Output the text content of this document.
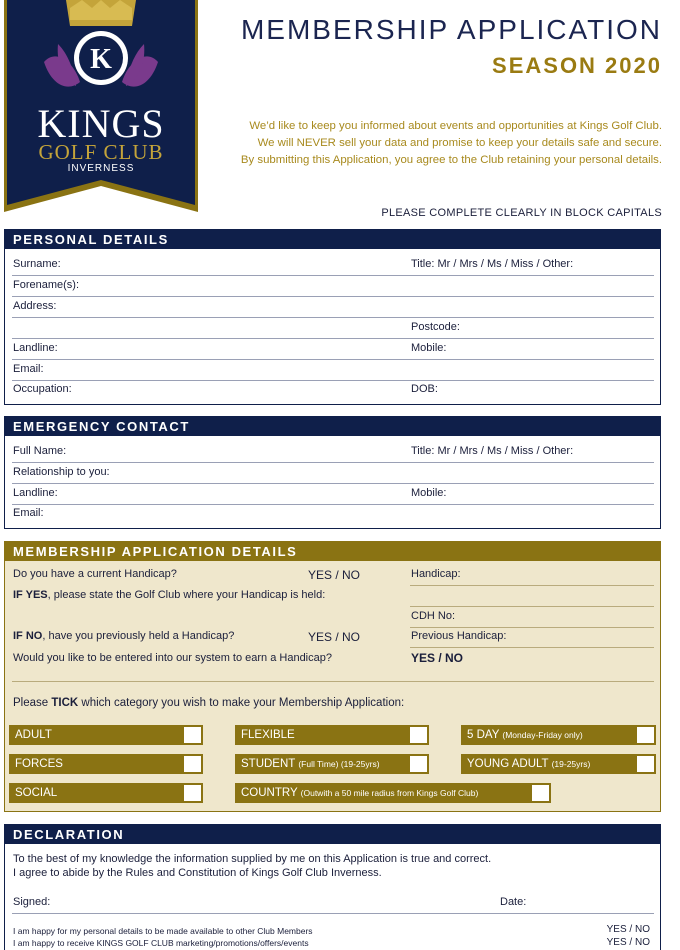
K
KINGS
GOLF CLUB
INVERNESS
MEMBERSHIP APPLICATION
SEASON 2020
We’d like to keep you informed about events and opportunities at Kings Golf Club.
We will NEVER sell your data and promise to keep your details safe and secure.
By submitting this Application, you agree to the Club retaining your personal details.
PLEASE COMPLETE CLEARLY IN BLOCK CAPITALS
PERSONAL DETAILS
Surname:	Title: Mr / Mrs / Ms / Miss / Other:
Forename(s):
Address:
Postcode:
Landline:	Mobile:
Email:
Occupation:	DOB:
EMERGENCY CONTACT
Full Name:	Title: Mr / Mrs / Ms / Miss / Other:
Relationship to you:
Landline:	Mobile:
Email:
MEMBERSHIP APPLICATION DETAILS
Do you have a current Handicap?	YES / NO	Handicap:
IF YES, please state the Golf Club where your Handicap is held:
CDH No:
IF NO, have you previously held a Handicap?	YES / NO	Previous Handicap:
Would you like to be entered into our system to earn a Handicap?	YES / NO
Please TICK which category you wish to make your Membership Application:
ADULT	FLEXIBLE	5 DAY (Monday-Friday only)
FORCES	STUDENT (Full Time) (19-25yrs)	YOUNG ADULT (19-25yrs)
SOCIAL	COUNTRY (Outwith a 50 mile radius from Kings Golf Club)
DECLARATION
To the best of my knowledge the information supplied by me on this Application is true and correct.
I agree to abide by the Rules and Constitution of Kings Golf Club Inverness.
Signed:	Date:
I am happy for my personal details to be made available to other Club Members	YES / NO
I am happy to receive KINGS GOLF CLUB marketing/promotions/offers/events	YES / NO
